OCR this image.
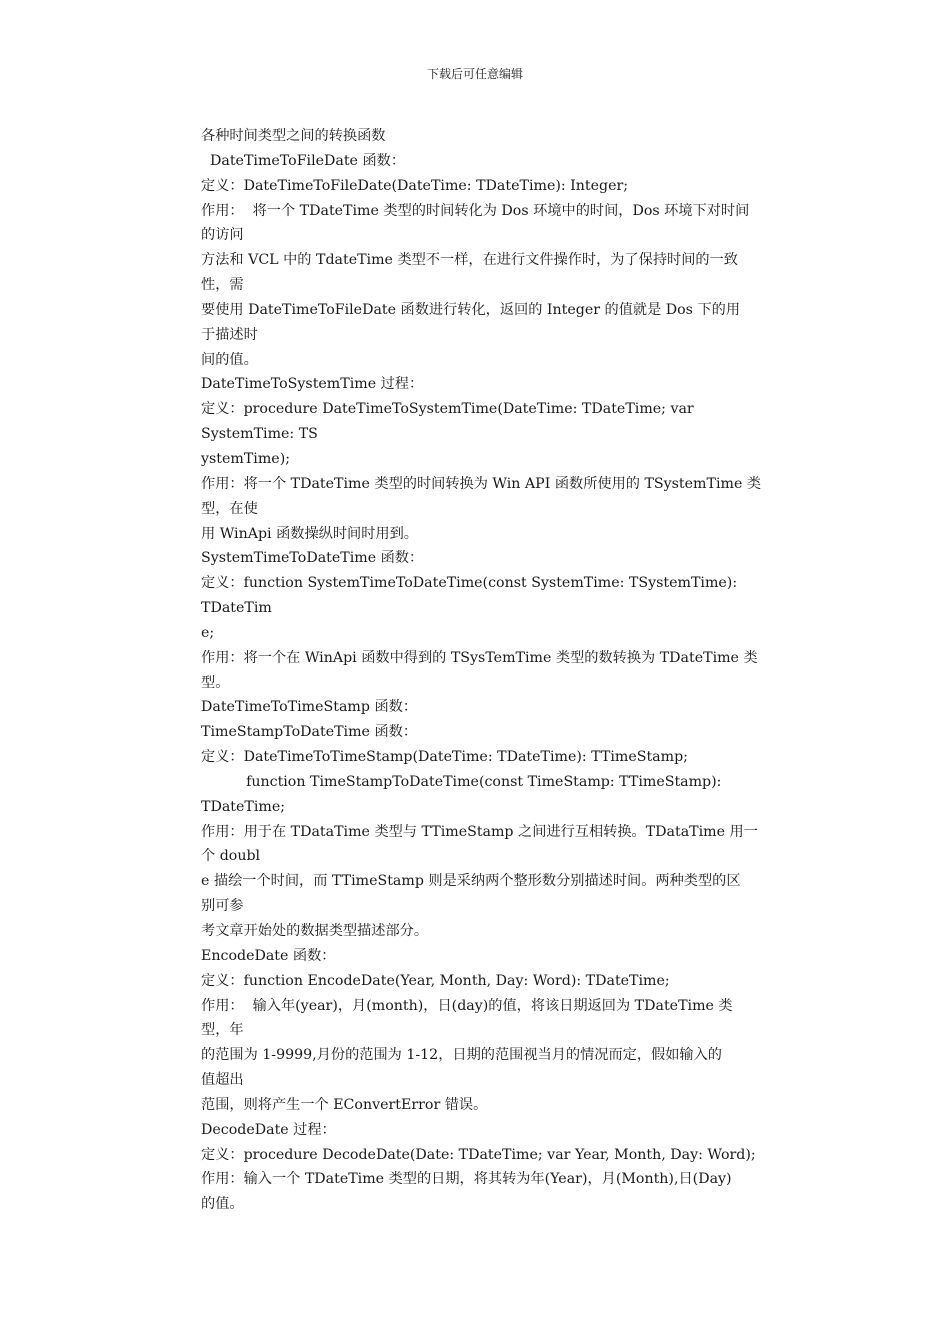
下载后可任意编辑
各种时间类型之间的转换函数
DateTimeToFileDate 函数：
定义：DateTimeToFileDate(DateTime: TDateTime): Integer;
作用：  将一个 TDateTime 类型的时间转化为 Dos 环境中的时间，Dos 环境下对时间
的访问
方法和 VCL 中的 TdateTime 类型不一样，在进行文件操作时，为了保持时间的一致
性，需
要使用 DateTimeToFileDate 函数进行转化，返回的 Integer 的值就是 Dos 下的用
于描述时
间的值。
DateTimeToSystemTime 过程：
定义：procedure DateTimeToSystemTime(DateTime: TDateTime; var
SystemTime: TS
ystemTime);
作用：将一个 TDateTime 类型的时间转换为 Win API 函数所使用的 TSystemTime 类
型，在使
用 WinApi 函数操纵时间时用到。
SystemTimeToDateTime 函数：
定义：function SystemTimeToDateTime(const SystemTime: TSystemTime):
TDateTim
e;
作用：将一个在 WinApi 函数中得到的 TSysTemTime 类型的数转换为 TDateTime 类
型。
DateTimeToTimeStamp 函数：
TimeStampToDateTime 函数：
定义：DateTimeToTimeStamp(DateTime: TDateTime): TTimeStamp;
function TimeStampToDateTime(const TimeStamp: TTimeStamp):
TDateTime;
作用：用于在 TDataTime 类型与 TTimeStamp 之间进行互相转换。TDataTime 用一
个 doubl
e 描绘一个时间，而 TTimeStamp 则是采纳两个整形数分别描述时间。两种类型的区
别可参
考文章开始处的数据类型描述部分。
EncodeDate 函数：
定义：function EncodeDate(Year, Month, Day: Word): TDateTime;
作用：  输入年(year)，月(month)，日(day)的值，将该日期返回为 TDateTime 类
型，年
的范围为 1-9999,月份的范围为 1-12，日期的范围视当月的情况而定，假如输入的
值超出
范围，则将产生一个 EConvertError 错误。
DecodeDate 过程：
定义：procedure DecodeDate(Date: TDateTime; var Year, Month, Day: Word);
作用：输入一个 TDateTime 类型的日期，将其转为年(Year)，月(Month),日(Day)
的值。
